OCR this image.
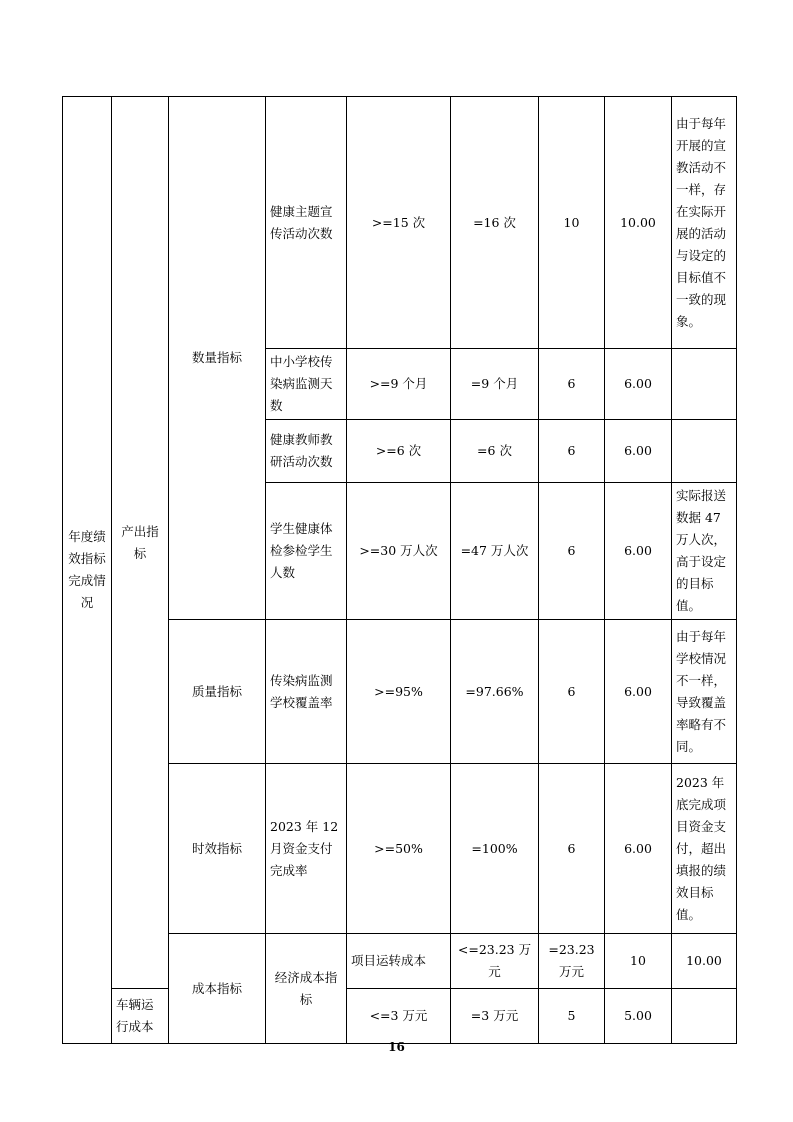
年度绩效指标完成情况	产出指标	数量指标	健康主题宣传活动次数	>=15 次	=16 次	10	10.00	由于每年开展的宣教活动不一样，存在实际开展的活动与设定的目标值不一致的现象。	
			中小学校传染病监测天数	>=9 个月	=9 个月	6	6.00		
			健康教师教研活动次数	>=6 次	=6 次	6	6.00		
			学生健康体检参检学生人数	>=30 万人次	=47 万人次	6	6.00	实际报送数据 47 万人次，高于设定的目标值。	
		质量指标	传染病监测学校覆盖率	>=95%	=97.66%	6	6.00	由于每年学校情况不一样，导致覆盖率略有不同。	
		时效指标	2023 年 12 月资金支付完成率	>=50%	=100%	6	6.00	2023 年底完成项目资金支付，超出填报的绩效目标值。	
		成本指标	经济成本指标	项目运转成本	<=23.23 万元	=23.23 万元	10	10.00	
	车辆运行成本			<=3 万元	=3 万元	5	5.00		
16
